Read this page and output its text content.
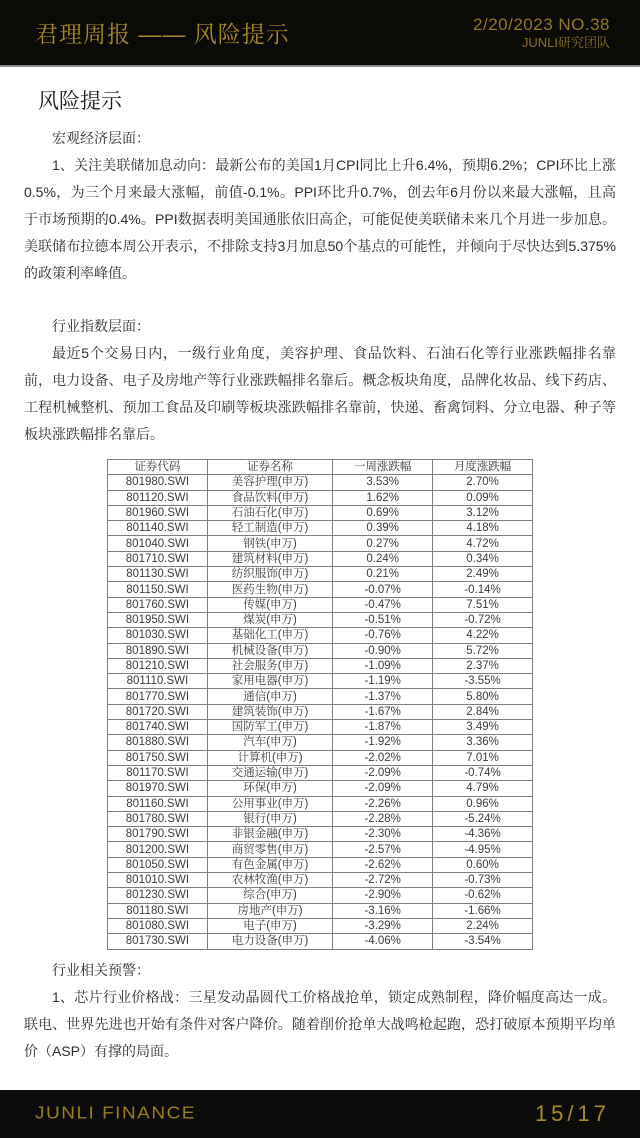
君理周报 —— 风险提示	2/20/2023 NO.38
JUNLI研究团队
风险提示
宏观经济层面：

1、关注美联储加息动向：最新公布的美国1月CPI同比上升6.4%，预期6.2%；CPI环比上涨0.5%，为三个月来最大涨幅，前值-0.1%。PPI环比升0.7%，创去年6月份以来最大涨幅，且高于市场预期的0.4%。PPI数据表明美国通胀依旧高企，可能促使美联储未来几个月进一步加息。美联储布拉德本周公开表示，不排除支持3月加息50个基点的可能性，并倾向于尽快达到5.375%的政策利率峰值。

行业指数层面：

最近5个交易日内，一级行业角度，美容护理、食品饮料、石油石化等行业涨跌幅排名靠前，电力设备、电子及房地产等行业涨跌幅排名靠后。概念板块角度，品牌化妆品、线下药店、工程机械整机、预加工食品及印刷等板块涨跌幅排名靠前，快递、畜禽饲料、分立电器、种子等板块涨跌幅排名靠后。

证券代码	证券名称	一周涨跌幅	月度涨跌幅
801980.SWI	美容护理(申万)	3.53%	2.70%
801120.SWI	食品饮料(申万)	1.62%	0.09%
801960.SWI	石油石化(申万)	0.69%	3.12%
801140.SWI	轻工制造(申万)	0.39%	4.18%
801040.SWI	钢铁(申万)	0.27%	4.72%
801710.SWI	建筑材料(申万)	0.24%	0.34%
801130.SWI	纺织服饰(申万)	0.21%	2.49%
801150.SWI	医药生物(申万)	-0.07%	-0.14%
801760.SWI	传媒(申万)	-0.47%	7.51%
801950.SWI	煤炭(申万)	-0.51%	-0.72%
801030.SWI	基础化工(申万)	-0.76%	4.22%
801890.SWI	机械设备(申万)	-0.90%	5.72%
801210.SWI	社会服务(申万)	-1.09%	2.37%
801110.SWI	家用电器(申万)	-1.19%	-3.55%
801770.SWI	通信(申万)	-1.37%	5.80%
801720.SWI	建筑装饰(申万)	-1.67%	2.84%
801740.SWI	国防军工(申万)	-1.87%	3.49%
801880.SWI	汽车(申万)	-1.92%	3.36%
801750.SWI	计算机(申万)	-2.02%	7.01%
801170.SWI	交通运输(申万)	-2.09%	-0.74%
801970.SWI	环保(申万)	-2.09%	4.79%
801160.SWI	公用事业(申万)	-2.26%	0.96%
801780.SWI	银行(申万)	-2.28%	-5.24%
801790.SWI	非银金融(申万)	-2.30%	-4.36%
801200.SWI	商贸零售(申万)	-2.57%	-4.95%
801050.SWI	有色金属(申万)	-2.62%	0.60%
801010.SWI	农林牧渔(申万)	-2.72%	-0.73%
801230.SWI	综合(申万)	-2.90%	-0.62%
801180.SWI	房地产(申万)	-3.16%	-1.66%
801080.SWI	电子(申万)	-3.29%	2.24%
801730.SWI	电力设备(申万)	-4.06%	-3.54%
行业相关预警：

1、芯片行业价格战：三星发动晶圆代工价格战抢单，锁定成熟制程，降价幅度高达一成。联电、世界先进也开始有条件对客户降价。随着削价抢单大战鸣枪起跑，恐打破原本预期平均单价（ASP）有撑的局面。

JUNLI FINANCE	15/17
